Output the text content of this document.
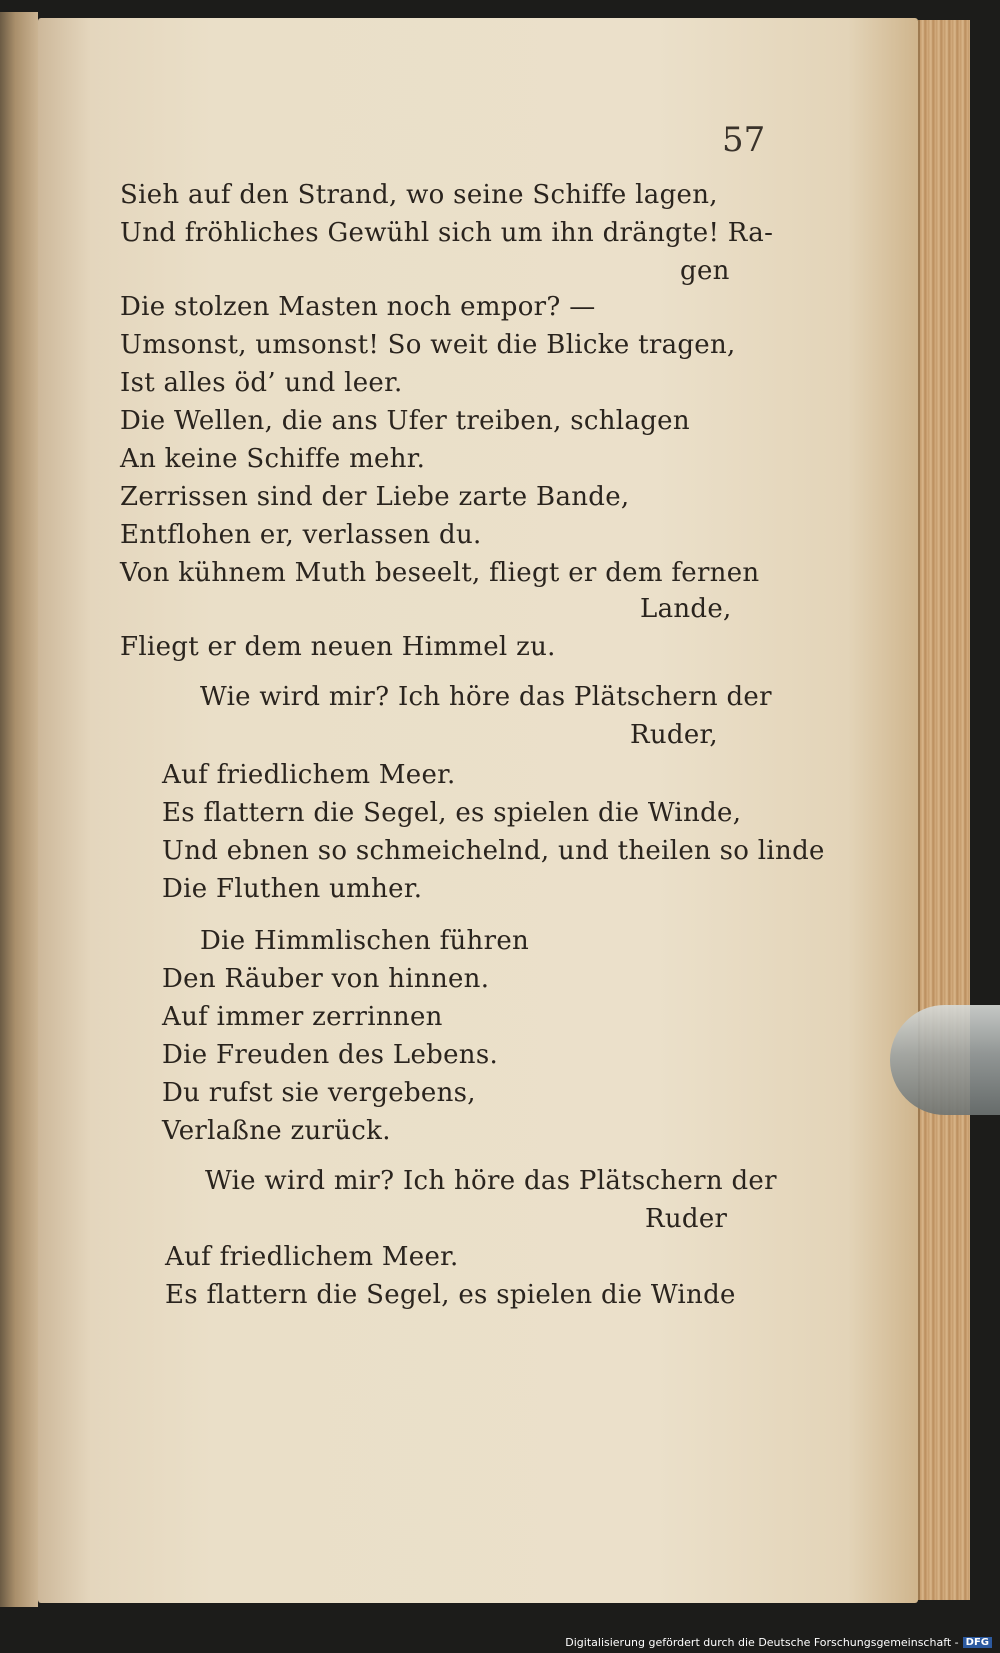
57
Sieh auf den Strand, wo seine Schiffe lagen,
Und fröhliches Gewühl sich um ihn drängte! Ra-
gen
Die stolzen Masten noch empor? —
Umsonst, umsonst! So weit die Blicke tragen,
Ist alles öd’ und leer.
Die Wellen, die ans Ufer treiben, schlagen
An keine Schiffe mehr.
Zerrissen sind der Liebe zarte Bande,
Entflohen er, verlassen du.
Von kühnem Muth beseelt, fliegt er dem fernen
Lande,
Fliegt er dem neuen Himmel zu.
Wie wird mir? Ich höre das Plätschern der
Ruder,
Auf friedlichem Meer.
Es flattern die Segel, es spielen die Winde,
Und ebnen so schmeichelnd, und theilen so linde
Die Fluthen umher.
Die Himmlischen führen
Den Räuber von hinnen.
Auf immer zerrinnen
Die Freuden des Lebens.
Du rufst sie vergebens,
Verlaßne zurück.
Wie wird mir? Ich höre das Plätschern der
Ruder
Auf friedlichem Meer.
Es flattern die Segel, es spielen die Winde
Digitalisierung gefördert durch die Deutsche Forschungsgemeinschaft - DFG
